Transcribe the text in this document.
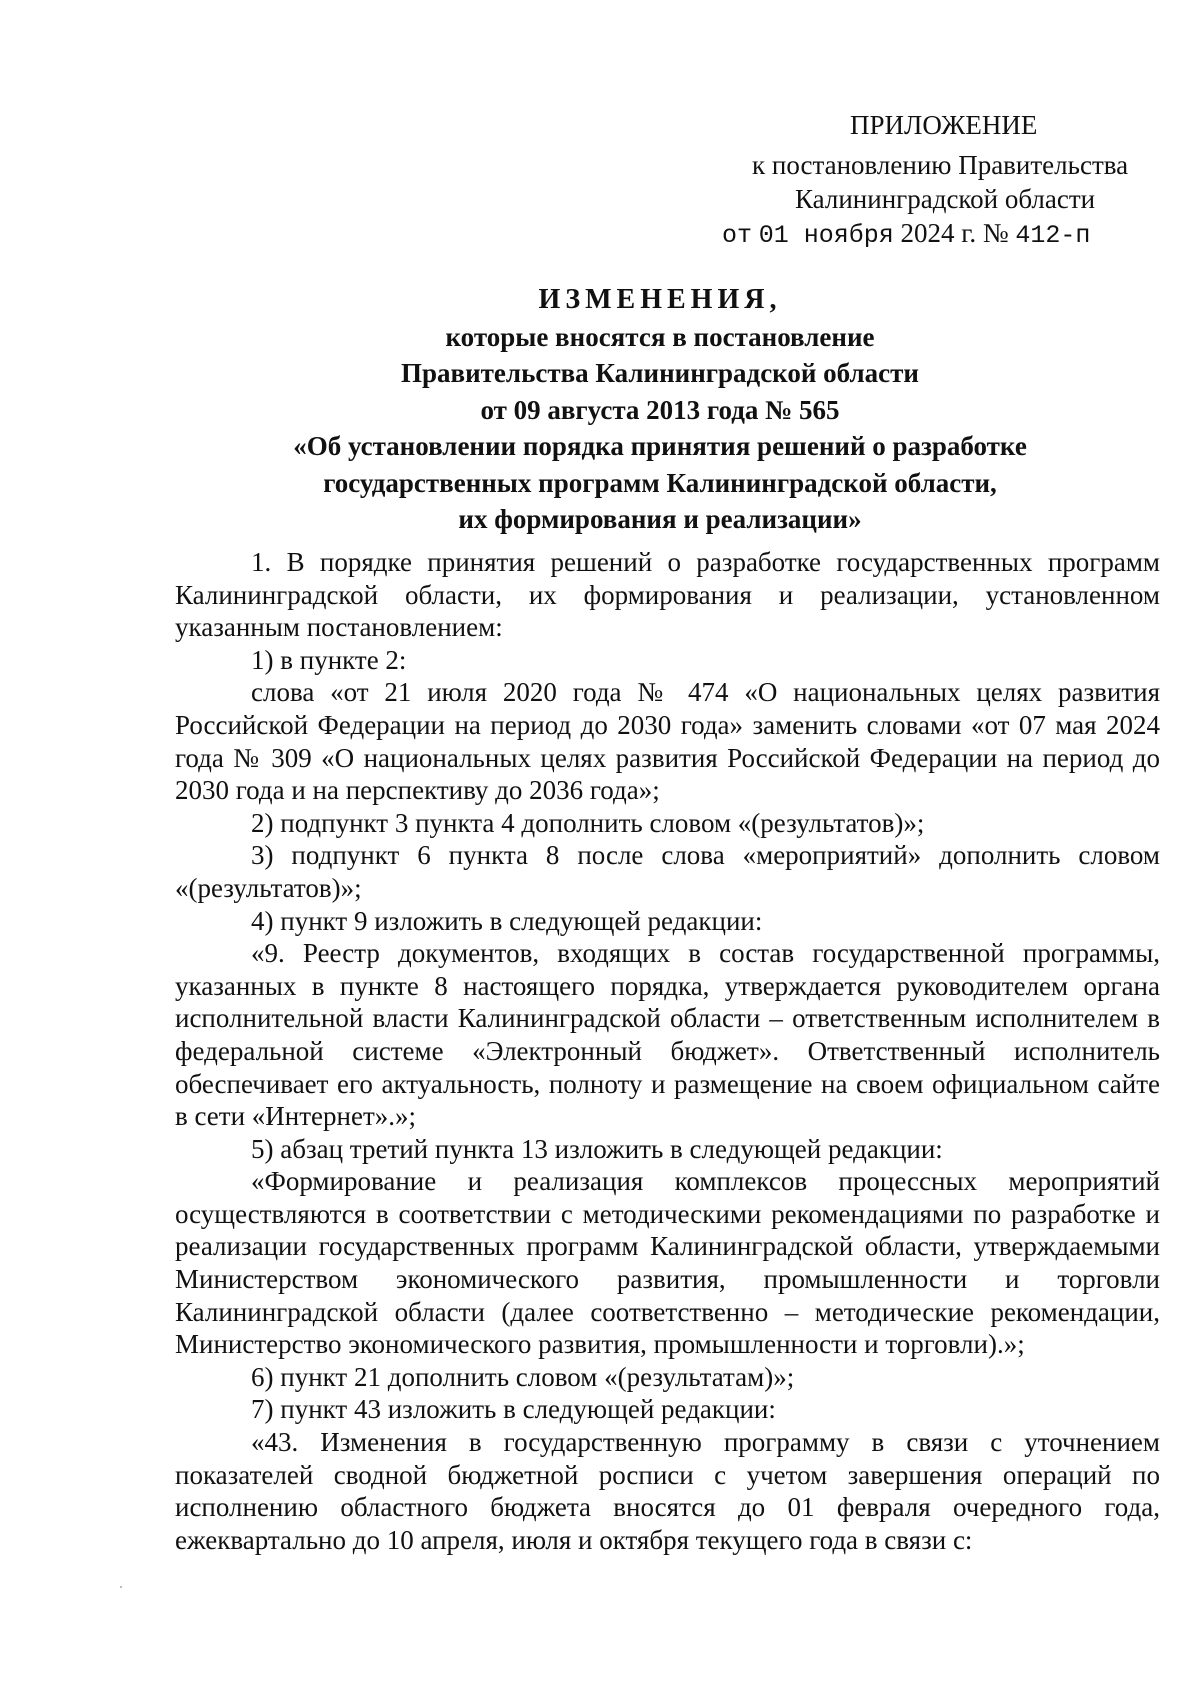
ПРИЛОЖЕНИЕ
к постановлению Правительства
Калининградской области
от 01 ноября 2024 г. № 412-п
ИЗМЕНЕНИЯ,
которые вносятся в постановление
Правительства Калининградской области
от 09 августа 2013 года № 565
«Об установлении порядка принятия решений о разработке
государственных программ Калининградской области,
их формирования и реализации»

1. В порядке принятия решений о разработке государственных программ Калининградской области, их формирования и реализации, установленном указанным постановлением:

1) в пункте 2:

слова «от 21 июля 2020 года № 474 «О национальных целях развития Российской Федерации на период до 2030 года» заменить словами «от 07 мая 2024 года № 309 «О национальных целях развития Российской Федерации на период до 2030 года и на перспективу до 2036 года»;

2) подпункт 3 пункта 4 дополнить словом «(результатов)»;

3) подпункт 6 пункта 8 после слова «мероприятий» дополнить словом «(результатов)»;

4) пункт 9 изложить в следующей редакции:

«9. Реестр документов, входящих в состав государственной программы, указанных в пункте 8 настоящего порядка, утверждается руководителем органа исполнительной власти Калининградской области – ответственным исполнителем в федеральной системе «Электронный бюджет». Ответственный исполнитель обеспечивает его актуальность, полноту и размещение на своем официальном сайте в сети «Интернет».»;

5) абзац третий пункта 13 изложить в следующей редакции:

«Формирование и реализация комплексов процессных мероприятий осуществляются в соответствии с методическими рекомендациями по разработке и реализации государственных программ Калининградской области, утверждаемыми Министерством экономического развития, промышленности и торговли Калининградской области (далее соответственно – методические рекомендации, Министерство экономического развития, промышленности и торговли).»;

6) пункт 21 дополнить словом «(результатам)»;

7) пункт 43 изложить в следующей редакции:

«43. Изменения в государственную программу в связи с уточнением показателей сводной бюджетной росписи с учетом завершения операций по исполнению областного бюджета вносятся до 01 февраля очередного года, ежеквартально до 10 апреля, июля и октября текущего года в связи с:
